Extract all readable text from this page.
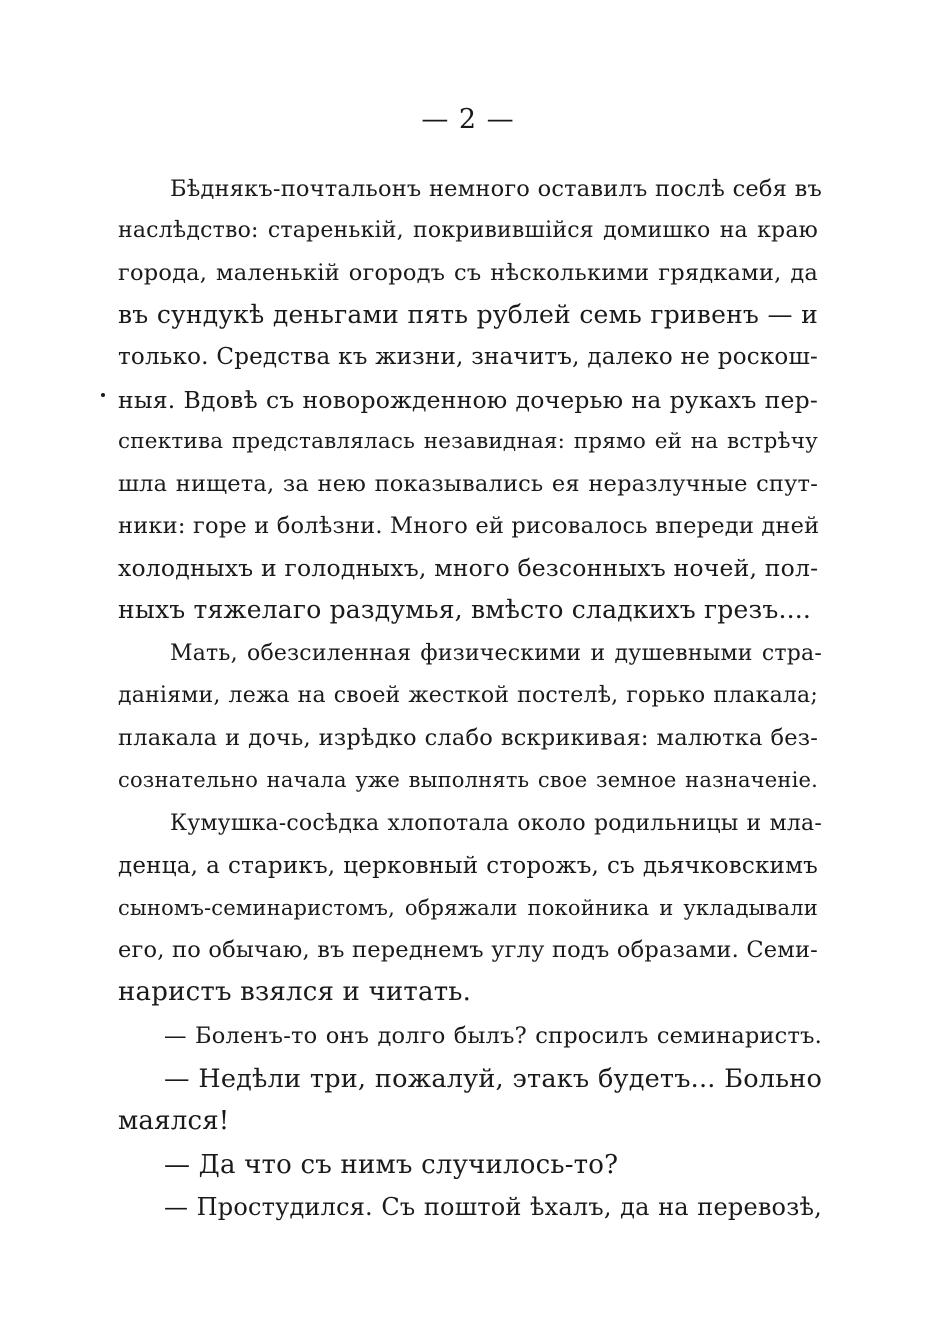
— 2 —
Бѣднякъ-почтальонъ немного оставилъ послѣ себя въ
наслѣдство: старенькій, покривившійся домишко на краю
города, маленькій огородъ съ нѣсколькими грядками, да
въ сундукѣ деньгами пять рублей семь гривенъ — и
только. Средства къ жизни, значитъ, далеко не роскош-
ныя. Вдовѣ съ новорожденною дочерью на рукахъ пер-
спектива представлялась незавидная: прямо ей на встрѣчу
шла нищета, за нею показывались ея неразлучные спут-
ники: горе и болѣзни. Много ей рисовалось впереди дней
холодныхъ и голодныхъ, много безсонныхъ ночей, пол-
ныхъ тяжелаго раздумья, вмѣсто сладкихъ грезъ....
Мать, обезсиленная физическими и душевными стра-
даніями, лежа на своей жесткой постелѣ, горько плакала;
плакала и дочь, изрѣдко слабо вскрикивая: малютка без-
сознательно начала уже выполнять свое земное назначеніе.
Кумушка-сосѣдка хлопотала около родильницы и мла-
денца, а старикъ, церковный сторожъ, съ дьячковскимъ
сыномъ-семинаристомъ, обряжали покойника и укладывали
его, по обычаю, въ переднемъ углу подъ образами. Семи-
наристъ взялся и читать.
— Боленъ-то онъ долго былъ? спросилъ семинаристъ.
— Недѣли три, пожалуй, этакъ будетъ... Больно
маялся!
— Да что съ нимъ случилось-то?
— Простудился. Съ поштой ѣхалъ, да на перевозѣ,
